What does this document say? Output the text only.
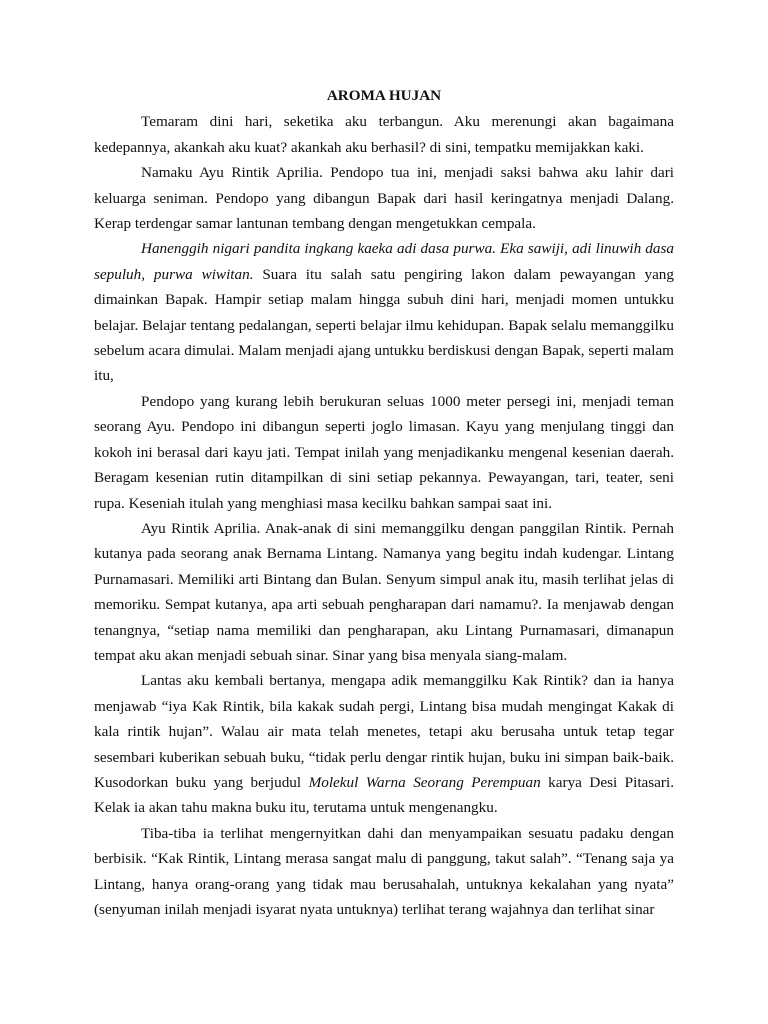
AROMA HUJAN

Temaram dini hari, seketika aku terbangun. Aku merenungi akan bagaimana kedepannya, akankah aku kuat? akankah aku berhasil? di sini, tempatku memijakkan kaki.

Namaku Ayu Rintik Aprilia. Pendopo tua ini, menjadi saksi bahwa aku lahir dari keluarga seniman. Pendopo yang dibangun Bapak dari hasil keringatnya menjadi Dalang. Kerap terdengar samar lantunan tembang dengan mengetukkan cempala.

Hanenggih nigari pandita ingkang kaeka adi dasa purwa. Eka sawiji, adi linuwih dasa sepuluh, purwa wiwitan. Suara itu salah satu pengiring lakon dalam pewayangan yang dimainkan Bapak. Hampir setiap malam hingga subuh dini hari, menjadi momen untukku belajar. Belajar tentang pedalangan, seperti belajar ilmu kehidupan. Bapak selalu memanggilku sebelum acara dimulai. Malam menjadi ajang untukku berdiskusi dengan Bapak, seperti malam itu,

Pendopo yang kurang lebih berukuran seluas 1000 meter persegi ini, menjadi teman seorang Ayu. Pendopo ini dibangun seperti joglo limasan. Kayu yang menjulang tinggi dan kokoh ini berasal dari kayu jati. Tempat inilah yang menjadikanku mengenal kesenian daerah. Beragam kesenian rutin ditampilkan di sini setiap pekannya. Pewayangan, tari, teater, seni rupa. Keseniah itulah yang menghiasi masa kecilku bahkan sampai saat ini.

Ayu Rintik Aprilia. Anak-anak di sini memanggilku dengan panggilan Rintik. Pernah kutanya pada seorang anak Bernama Lintang. Namanya yang begitu indah kudengar. Lintang Purnamasari. Memiliki arti Bintang dan Bulan. Senyum simpul anak itu, masih terlihat jelas di memoriku. Sempat kutanya, apa arti sebuah pengharapan dari namamu?. Ia menjawab dengan tenangnya, “setiap nama memiliki dan pengharapan, aku Lintang Purnamasari, dimanapun tempat aku akan menjadi sebuah sinar. Sinar yang bisa menyala siang-malam.

Lantas aku kembali bertanya, mengapa adik memanggilku Kak Rintik? dan ia hanya menjawab “iya Kak Rintik, bila kakak sudah pergi, Lintang bisa mudah mengingat Kakak di kala rintik hujan”. Walau air mata telah menetes, tetapi aku berusaha untuk tetap tegar sesembari kuberikan sebuah buku, “tidak perlu dengar rintik hujan, buku ini simpan baik-baik. Kusodorkan buku yang berjudul Molekul Warna Seorang Perempuan karya Desi Pitasari. Kelak ia akan tahu makna buku itu, terutama untuk mengenangku.

Tiba-tiba ia terlihat mengernyitkan dahi dan menyampaikan sesuatu padaku dengan berbisik. “Kak Rintik, Lintang merasa sangat malu di panggung, takut salah”. “Tenang saja ya Lintang, hanya orang-orang yang tidak mau berusahalah, untuknya kekalahan yang nyata” (senyuman inilah menjadi isyarat nyata untuknya) terlihat terang wajahnya dan terlihat sinar
